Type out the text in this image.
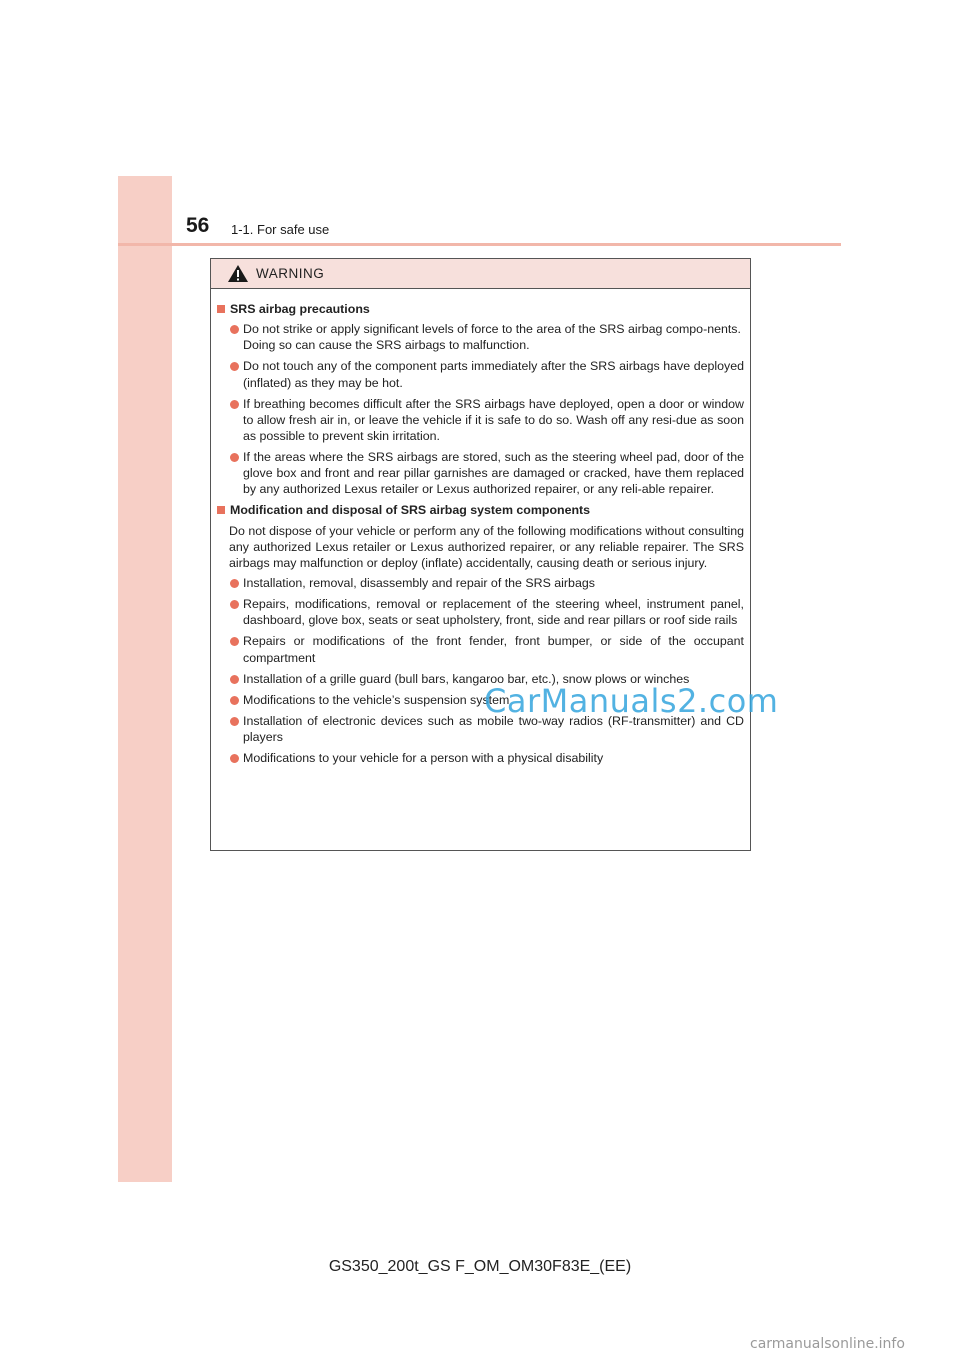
56 1-1. For safe use
WARNING
SRS airbag precautions
Do not strike or apply significant levels of force to the area of the SRS airbag compo-nents.
Doing so can cause the SRS airbags to malfunction.
Do not touch any of the component parts immediately after the SRS airbags have deployed (inflated) as they may be hot.
If breathing becomes difficult after the SRS airbags have deployed, open a door or window to allow fresh air in, or leave the vehicle if it is safe to do so. Wash off any resi-due as soon as possible to prevent skin irritation.
If the areas where the SRS airbags are stored, such as the steering wheel pad, door of the glove box and front and rear pillar garnishes are damaged or cracked, have them replaced by any authorized Lexus retailer or Lexus authorized repairer, or any reli-able repairer.
Modification and disposal of SRS airbag system components
Do not dispose of your vehicle or perform any of the following modifications without consulting any authorized Lexus retailer or Lexus authorized repairer, or any reliable repairer. The SRS airbags may malfunction or deploy (inflate) accidentally, causing death or serious injury.
Installation, removal, disassembly and repair of the SRS airbags
Repairs, modifications, removal or replacement of the steering wheel, instrument panel, dashboard, glove box, seats or seat upholstery, front, side and rear pillars or roof side rails
Repairs or modifications of the front fender, front bumper, or side of the occupant compartment
Installation of a grille guard (bull bars, kangaroo bar, etc.), snow plows or winches
Modifications to the vehicle’s suspension system
Installation of electronic devices such as mobile two-way radios (RF-transmitter) and CD players
Modifications to your vehicle for a person with a physical disability
CarManuals2.com
GS350_200t_GS F_OM_OM30F83E_(EE)
carmanualsonline.info
